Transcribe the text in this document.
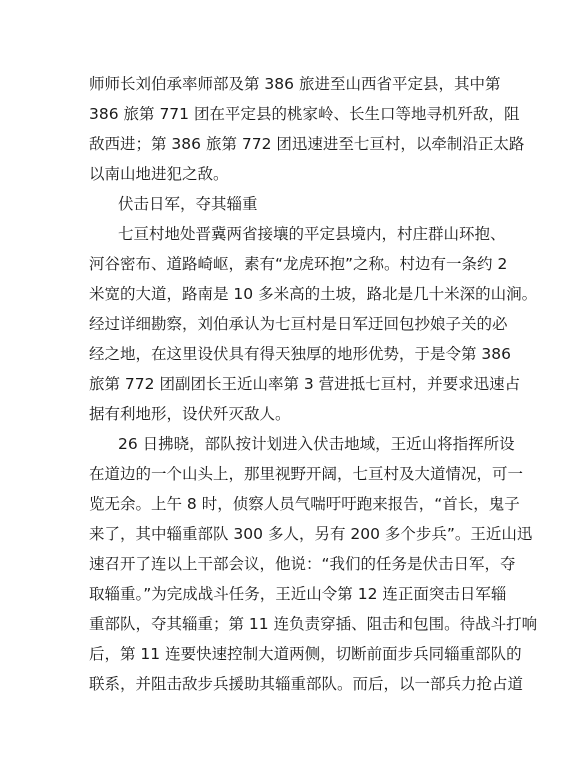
师师长刘伯承率师部及第 386 旅进至山西省平定县，其中第
386 旅第 771 团在平定县的桃家岭、长生口等地寻机歼敌，阻
敌西进；第 386 旅第 772 团迅速进至七亘村，以牵制沿正太路
以南山地进犯之敌。
伏击日军，夺其辎重
七亘村地处晋冀两省接壤的平定县境内，村庄群山环抱、
河谷密布、道路崎岖，素有“龙虎环抱”之称。村边有一条约 2
米宽的大道，路南是 10 多米高的土坡，路北是几十米深的山涧。
经过详细勘察，刘伯承认为七亘村是日军迂回包抄娘子关的必
经之地，在这里设伏具有得天独厚的地形优势，于是令第 386
旅第 772 团副团长王近山率第 3 营进抵七亘村，并要求迅速占
据有利地形，设伏歼灭敌人。
26 日拂晓，部队按计划进入伏击地域，王近山将指挥所设
在道边的一个山头上，那里视野开阔，七亘村及大道情况，可一
览无余。上午 8 时，侦察人员气喘吁吁跑来报告，“首长，鬼子
来了，其中辎重部队 300 多人，另有 200 多个步兵”。王近山迅
速召开了连以上干部会议，他说：“我们的任务是伏击日军，夺
取辎重。”为完成战斗任务，王近山令第 12 连正面突击日军辎
重部队，夺其辎重；第 11 连负责穿插、阻击和包围。待战斗打响
后，第 11 连要快速控制大道两侧，切断前面步兵同辎重部队的
联系，并阻击敌步兵援助其辎重部队。而后，以一部兵力抢占道
